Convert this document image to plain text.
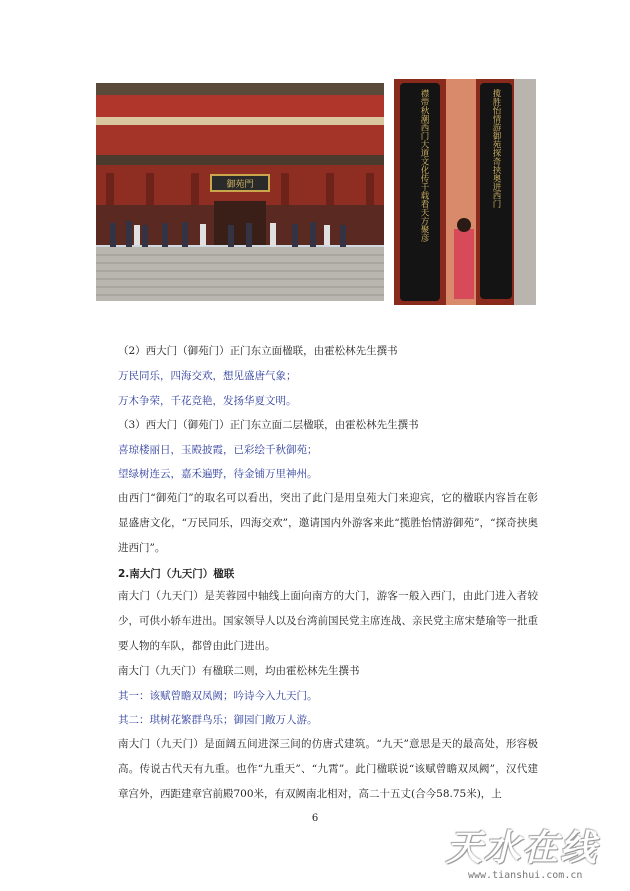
御苑門	襟带秋潮西门大道文化传千载看天方聚彦	揽胜怡情游御苑探奇挟奥进西门
（2）西大门（御苑门）正门东立面楹联，由霍松林先生撰书
万民同乐，四海交欢，想见盛唐气象；
万木争荣，千花竞艳，发扬华夏文明。
（3）西大门（御苑门）正门东立面二层楹联，由霍松林先生撰书
喜琼楼丽日，玉殿披霞，已彩绘千秋御苑；
望绿树连云，嘉禾遍野，待金铺万里神州。
由西门“御苑门”的取名可以看出，突出了此门是用皇苑大门来迎宾，它的楹联内容旨在彰显盛唐文化，“万民同乐，四海交欢”，邀请国内外游客来此“揽胜怡情游御苑”，“探奇挟奥进西门”。
2.南大门（九天门）楹联
南大门（九天门）是芙蓉园中轴线上面向南方的大门，游客一般入西门，由此门进入者较少，可供小轿车进出。国家领导人以及台湾前国民党主席连战、亲民党主席宋楚瑜等一批重要人物的车队，都曾由此门进出。
南大门（九天门）有楹联二则，均由霍松林先生撰书
其一：该赋曾瞻双凤阙；吟诗今入九天门。
其二：琪树花繁群鸟乐；御园门敞万人游。
南大门（九天门）是面阔五间进深三间的仿唐式建筑。“九天”意思是天的最高处，形容极高。传说古代天有九重。也作“九重天”、“九霄”。此门楹联说“该赋曾瞻双凤阙”，汉代建章宫外，西距建章宫前殿700米，有双阙南北相对，高二十五丈(合今58.75米)，上
6
天水在线
www.tianshui.com.cn
